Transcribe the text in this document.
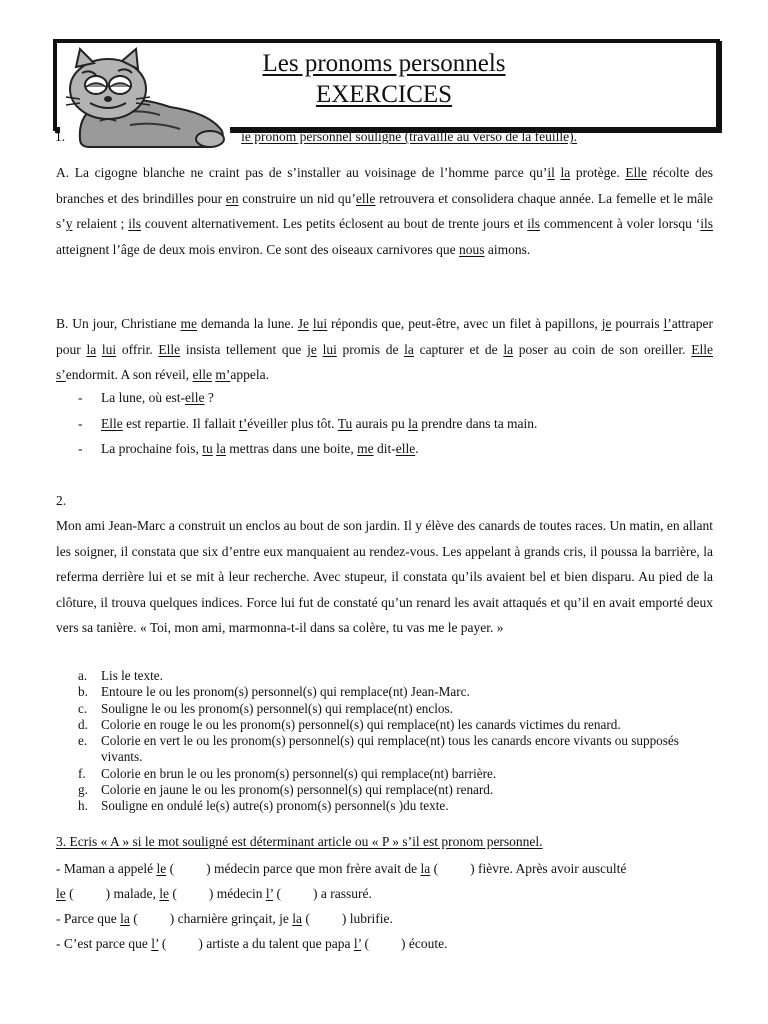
Les pronoms personnels
EXERCICES
1.	ie pronom personnel souligné (travaille au verso de la feuille).
A. La cigogne blanche ne craint pas de s’installer au voisinage de l’homme parce qu’il la protège. Elle récolte des branches et des brindilles pour en construire un nid qu’elle retrouvera et consolidera chaque année. La femelle et le mâle s’y relaient ; ils couvent alternativement. Les petits éclosent au bout de trente jours et ils commencent à voler lorsqu ‘ils atteignent l’âge de deux mois environ. Ce sont des oiseaux carnivores que nous aimons.
B. Un jour, Christiane me demanda la lune. Je lui répondis que, peut-être, avec un filet à papillons, je pourrais l’attraper pour la lui offrir. Elle insista tellement que je lui promis de la capturer et de la poser au coin de son oreiller. Elle s’endormit. A son réveil, elle m’appela.
- La lune, où est-elle ?
- Elle est repartie. Il fallait t’éveiller plus tôt. Tu aurais pu la prendre dans ta main.
- La prochaine fois, tu la mettras dans une boite, me dit-elle.
2.
Mon ami Jean-Marc a construit un enclos au bout de son jardin. Il y élève des canards de toutes races. Un matin, en allant les soigner, il constata que six d’entre eux manquaient au rendez-vous. Les appelant à grands cris, il poussa la barrière, la referma derrière lui et se mit à leur recherche. Avec stupeur, il constata qu’ils avaient bel et bien disparu. Au pied de la clôture, il trouva quelques indices. Force lui fut de constaté qu’un renard les avait attaqués et qu’il en avait emporté deux vers sa tanière. « Toi, mon ami, marmonna-t-il dans sa colère, tu vas me le payer. »
a. Lis le texte.
b. Entoure le ou les pronom(s) personnel(s) qui remplace(nt) Jean-Marc.
c. Souligne le ou les pronom(s) personnel(s) qui remplace(nt) enclos.
d. Colorie en rouge le ou les pronom(s) personnel(s) qui remplace(nt) les canards victimes du renard.
e. Colorie en vert le ou les pronom(s) personnel(s) qui remplace(nt) tous les canards encore vivants ou supposés vivants.
f. Colorie en brun le ou les pronom(s) personnel(s) qui remplace(nt) barrière.
g. Colorie en jaune le ou les pronom(s) personnel(s) qui remplace(nt) renard.
h. Souligne en ondulé le(s) autre(s) pronom(s) personnel(s )du texte.
3. Ecris « A » si le mot souligné est déterminant article ou « P » s’il est pronom personnel.
- Maman a appelé le ( ) médecin parce que mon frère avait de la ( ) fièvre. Après avoir ausculté
le ( ) malade, le ( ) médecin l’ ( ) a rassuré.
- Parce que la ( ) charnière grinçait, je la ( ) lubrifie.
- C’est parce que l’ ( ) artiste a du talent que papa l’ ( ) écoute.
